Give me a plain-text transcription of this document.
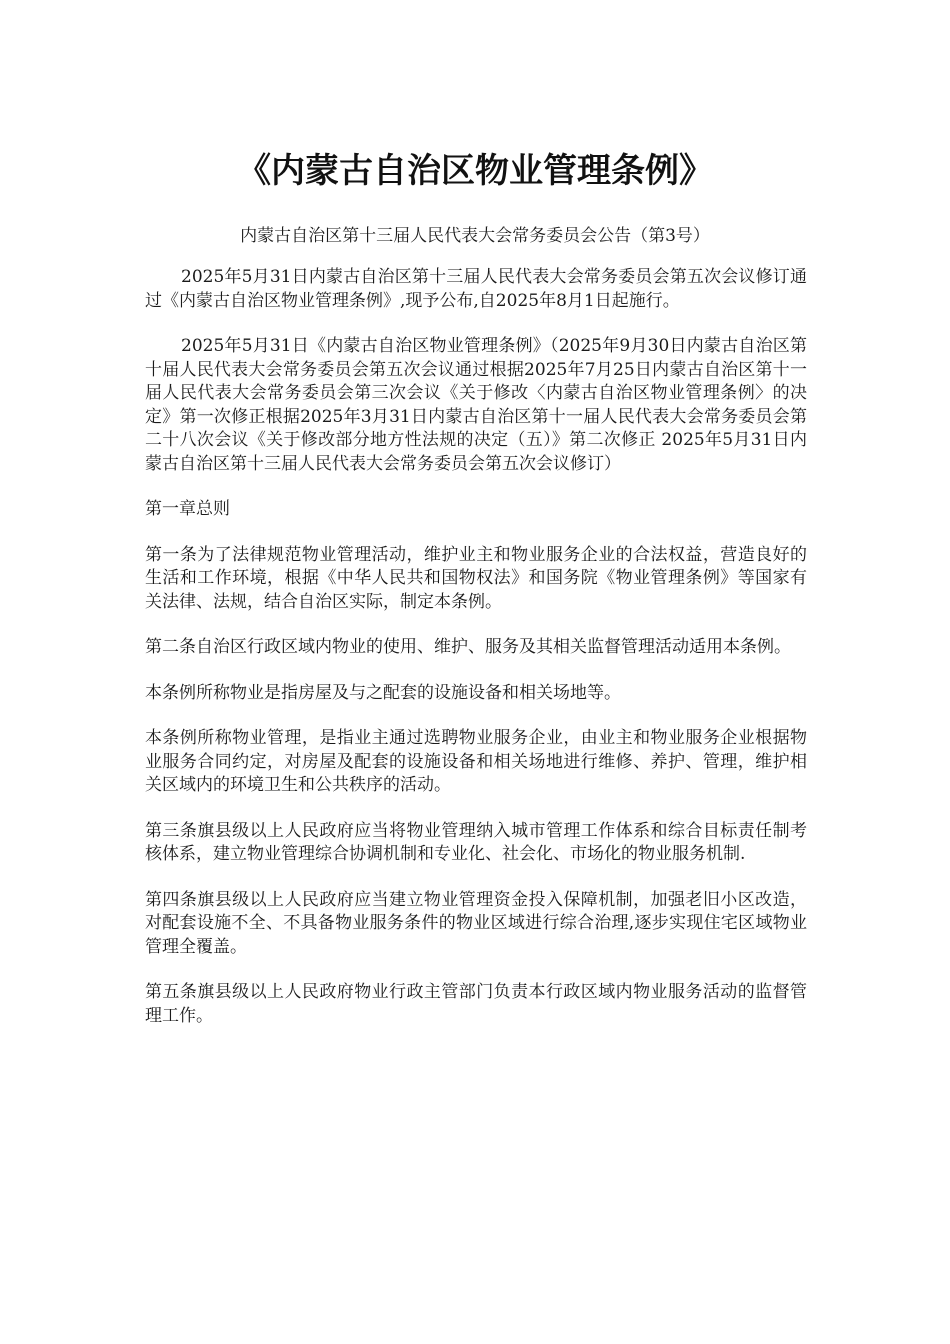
《内蒙古自治区物业管理条例》
内蒙古自治区第十三届人民代表大会常务委员会公告（第3号）

2025年5月31日内蒙古自治区第十三届人民代表大会常务委员会第五次会议修订通过《内蒙古自治区物业管理条例》,现予公布,自2025年8月1日起施行。

2025年5月31日《内蒙古自治区物业管理条例》（2025年9月30日内蒙古自治区第十届人民代表大会常务委员会第五次会议通过根据2025年7月25日内蒙古自治区第十一届人民代表大会常务委员会第三次会议《关于修改〈内蒙古自治区物业管理条例〉的决定》第一次修正根据2025年3月31日内蒙古自治区第十一届人民代表大会常务委员会第二十八次会议《关于修改部分地方性法规的决定（五）》第二次修正 2025年5月31日内蒙古自治区第十三届人民代表大会常务委员会第五次会议修订）

第一章总则

第一条为了法律规范物业管理活动，维护业主和物业服务企业的合法权益，营造良好的生活和工作环境，根据《中华人民共和国物权法》和国务院《物业管理条例》等国家有关法律、法规，结合自治区实际，制定本条例。

第二条自治区行政区域内物业的使用、维护、服务及其相关监督管理活动适用本条例。

本条例所称物业是指房屋及与之配套的设施设备和相关场地等。

本条例所称物业管理，是指业主通过选聘物业服务企业，由业主和物业服务企业根据物业服务合同约定，对房屋及配套的设施设备和相关场地进行维修、养护、管理，维护相关区域内的环境卫生和公共秩序的活动。

第三条旗县级以上人民政府应当将物业管理纳入城市管理工作体系和综合目标责任制考核体系，建立物业管理综合协调机制和专业化、社会化、市场化的物业服务机制.

第四条旗县级以上人民政府应当建立物业管理资金投入保障机制，加强老旧小区改造，对配套设施不全、不具备物业服务条件的物业区域进行综合治理,逐步实现住宅区域物业管理全覆盖。

第五条旗县级以上人民政府物业行政主管部门负责本行政区域内物业服务活动的监督管理工作。
